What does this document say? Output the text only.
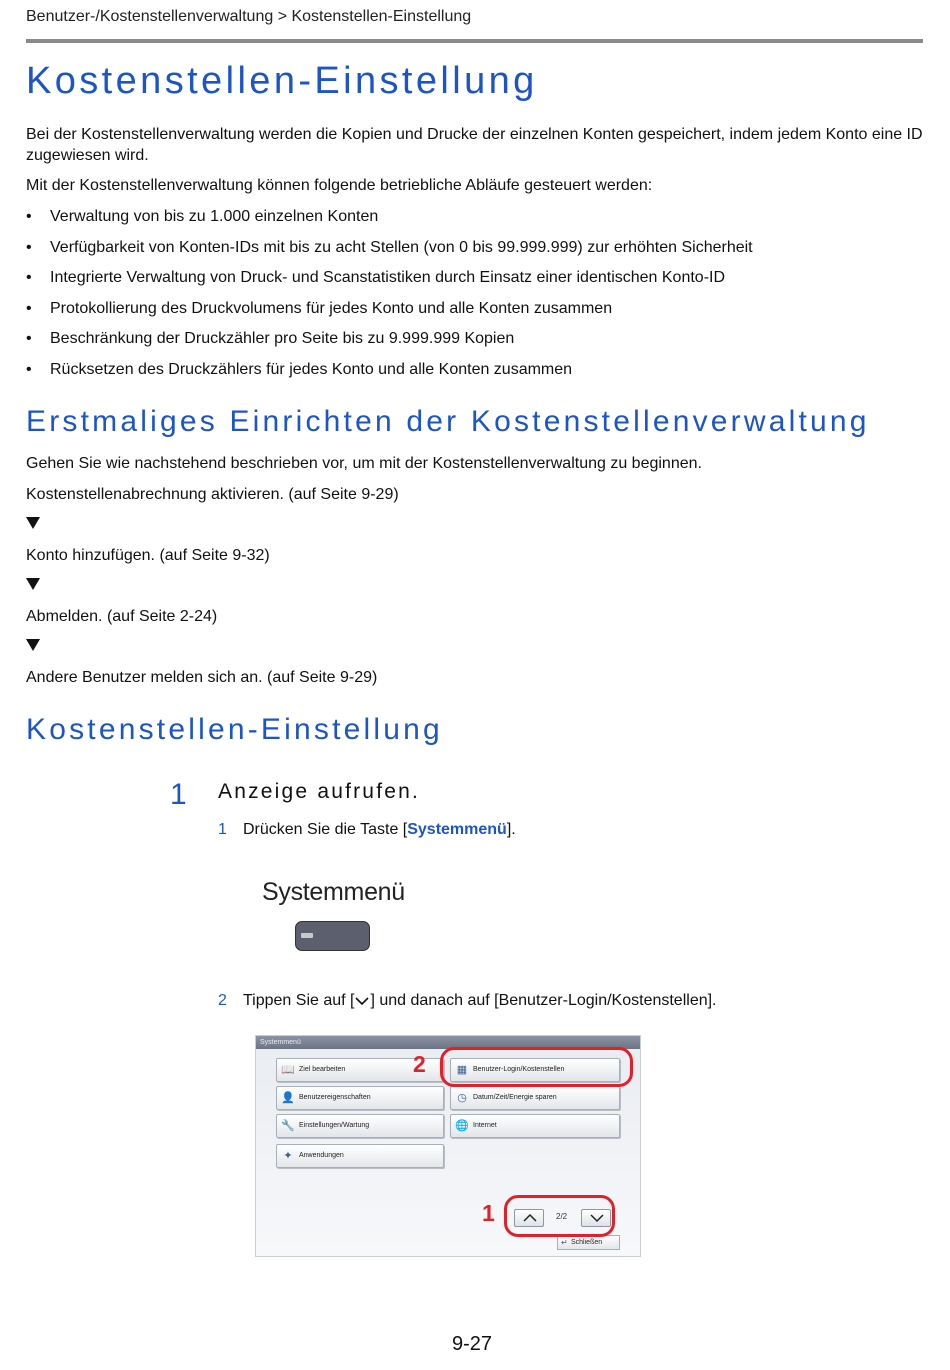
Benutzer-/Kostenstellenverwaltung > Kostenstellen-Einstellung
Kostenstellen-Einstellung
Bei der Kostenstellenverwaltung werden die Kopien und Drucke der einzelnen Konten gespeichert, indem jedem Konto eine ID zugewiesen wird.
Mit der Kostenstellenverwaltung können folgende betriebliche Abläufe gesteuert werden:
• Verwaltung von bis zu 1.000 einzelnen Konten
• Verfügbarkeit von Konten-IDs mit bis zu acht Stellen (von 0 bis 99.999.999) zur erhöhten Sicherheit
• Integrierte Verwaltung von Druck- und Scanstatistiken durch Einsatz einer identischen Konto-ID
• Protokollierung des Druckvolumens für jedes Konto und alle Konten zusammen
• Beschränkung der Druckzähler pro Seite bis zu 9.999.999 Kopien
• Rücksetzen des Druckzählers für jedes Konto und alle Konten zusammen
Erstmaliges Einrichten der Kostenstellenverwaltung
Gehen Sie wie nachstehend beschrieben vor, um mit der Kostenstellenverwaltung zu beginnen.
Kostenstellenabrechnung aktivieren. (auf Seite 9-29)
Konto hinzufügen. (auf Seite 9-32)
Abmelden. (auf Seite 2-24)
Andere Benutzer melden sich an. (auf Seite 9-29)
Kostenstellen-Einstellung
1 Anzeige aufrufen.
1 Drücken Sie die Taste [Systemmenü].
Systemmenü
2 Tippen Sie auf [ ] und danach auf [Benutzer-Login/Kostenstellen].
Systemmenü
📖 Ziel bearbeiten	▦ Benutzer-Login/Kostenstellen
👤 Benutzereigenschaften	◷ Datum/Zeit/Energie sparen
🔧 Einstellungen/Wartung	🌐 Internet
✦ Anwendungen
2/2
↵ Schließen
2
1
9-27
